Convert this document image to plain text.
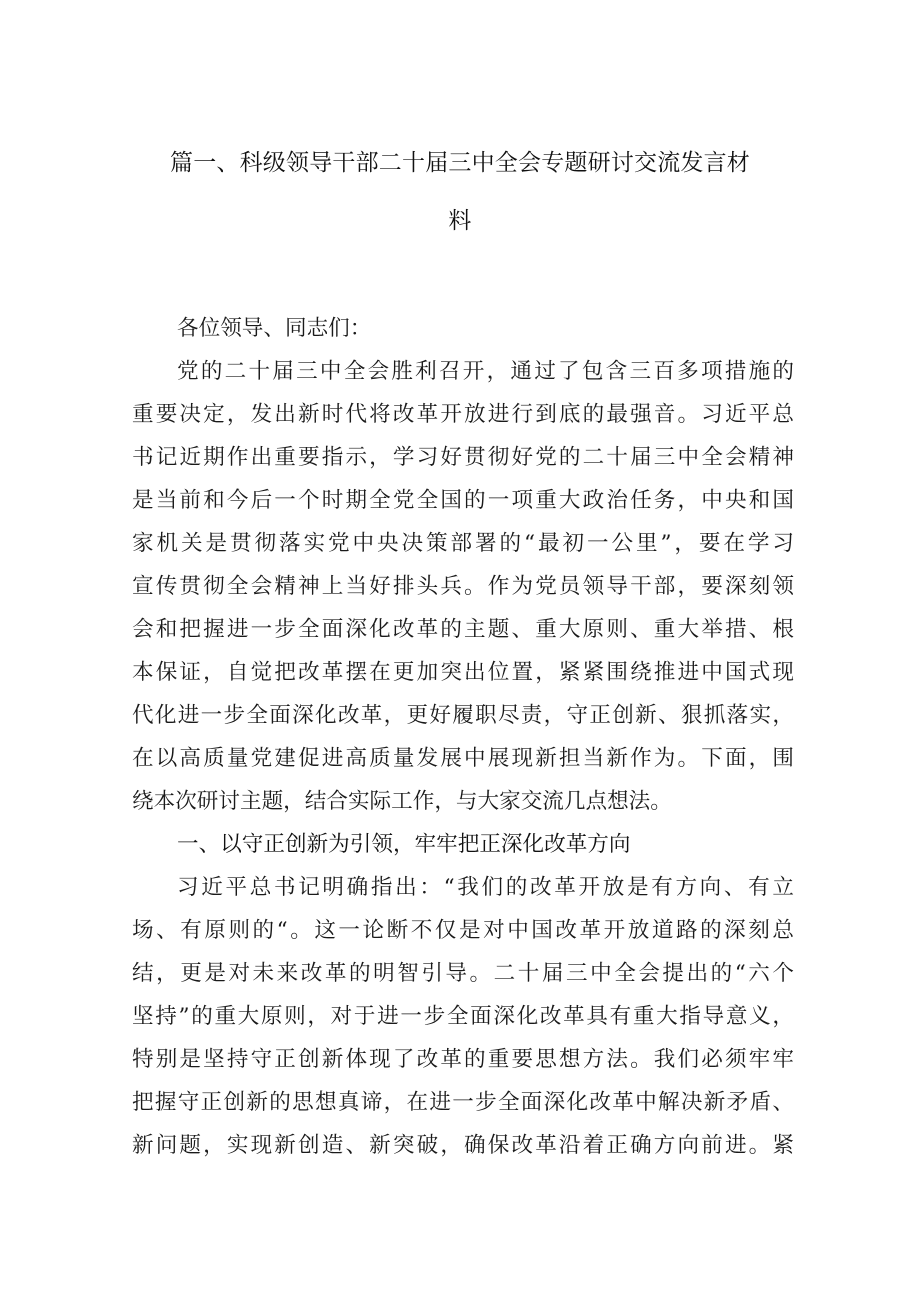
篇一、科级领导干部二十届三中全会专题研讨交流发言材
料
各位领导、同志们：
党的二十届三中全会胜利召开，通过了包含三百多项措施的
重要决定，发出新时代将改革开放进行到底的最强音。习近平总
书记近期作出重要指示，学习好贯彻好党的二十届三中全会精神
是当前和今后一个时期全党全国的一项重大政治任务，中央和国
家机关是贯彻落实党中央决策部署的“最初一公里”，要在学习
宣传贯彻全会精神上当好排头兵。作为党员领导干部，要深刻领
会和把握进一步全面深化改革的主题、重大原则、重大举措、根
本保证，自觉把改革摆在更加突出位置，紧紧围绕推进中国式现
代化进一步全面深化改革，更好履职尽责，守正创新、狠抓落实，
在以高质量党建促进高质量发展中展现新担当新作为。下面，围
绕本次研讨主题，结合实际工作，与大家交流几点想法。
一、以守正创新为引领，牢牢把正深化改革方向
习近平总书记明确指出：“我们的改革开放是有方向、有立
场、有原则的“。这一论断不仅是对中国改革开放道路的深刻总
结，更是对未来改革的明智引导。二十届三中全会提出的“六个
坚持”的重大原则，对于进一步全面深化改革具有重大指导意义，
特别是坚持守正创新体现了改革的重要思想方法。我们必须牢牢
把握守正创新的思想真谛，在进一步全面深化改革中解决新矛盾、
新问题，实现新创造、新突破，确保改革沿着正确方向前进。紧
